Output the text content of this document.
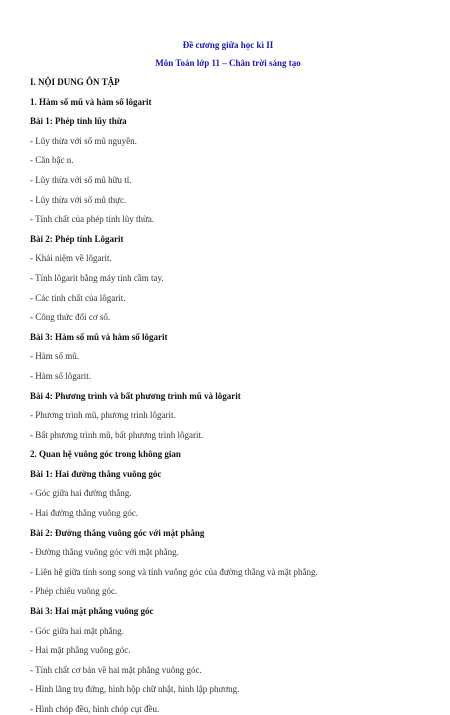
Đề cương giữa học kì II

Môn Toán lớp 11 – Chân trời sáng tạo

I. NỘI DUNG ÔN TẬP

1. Hàm số mũ và hàm số lôgarit

Bài 1: Phép tính lũy thừa

- Lũy thừa với số mũ nguyên.

- Căn bậc n.

- Lũy thừa với số mũ hữu tỉ.

- Lũy thừa với số mũ thực.

- Tính chất của phép tính lũy thừa.

Bài 2: Phép tính Lôgarit

- Khái niệm về lôgarit.

- Tính lôgarit bằng máy tính cầm tay.

- Các tính chất của lôgarit.

- Công thức đổi cơ số.

Bài 3: Hàm số mũ và hàm số lôgarit

- Hàm số mũ.

- Hàm số lôgarit.

Bài 4: Phương trình và bất phương trình mũ và lôgarit

- Phương trình mũ, phương trình lôgarit.

- Bất phương trình mũ, bất phương trình lôgarit.

2. Quan hệ vuông góc trong không gian

Bài 1: Hai đường thẳng vuông góc

- Góc giữa hai đường thẳng.

- Hai đường thẳng vuông góc.

Bài 2: Đường thẳng vuông góc với mặt phẳng

- Đường thẳng vuông góc với mặt phẳng.

- Liên hệ giữa tính song song và tính vuông góc của đường thẳng và mặt phẳng.

- Phép chiếu vuông góc.

Bài 3: Hai mặt phẳng vuông góc

- Góc giữa hai mặt phẳng.

- Hai mặt phẳng vuông góc.

- Tính chất cơ bản về hai mặt phẳng vuông góc.

- Hình lăng trụ đứng, hình hộp chữ nhật, hình lập phương.

- Hình chóp đều, hình chóp cụt đều.
